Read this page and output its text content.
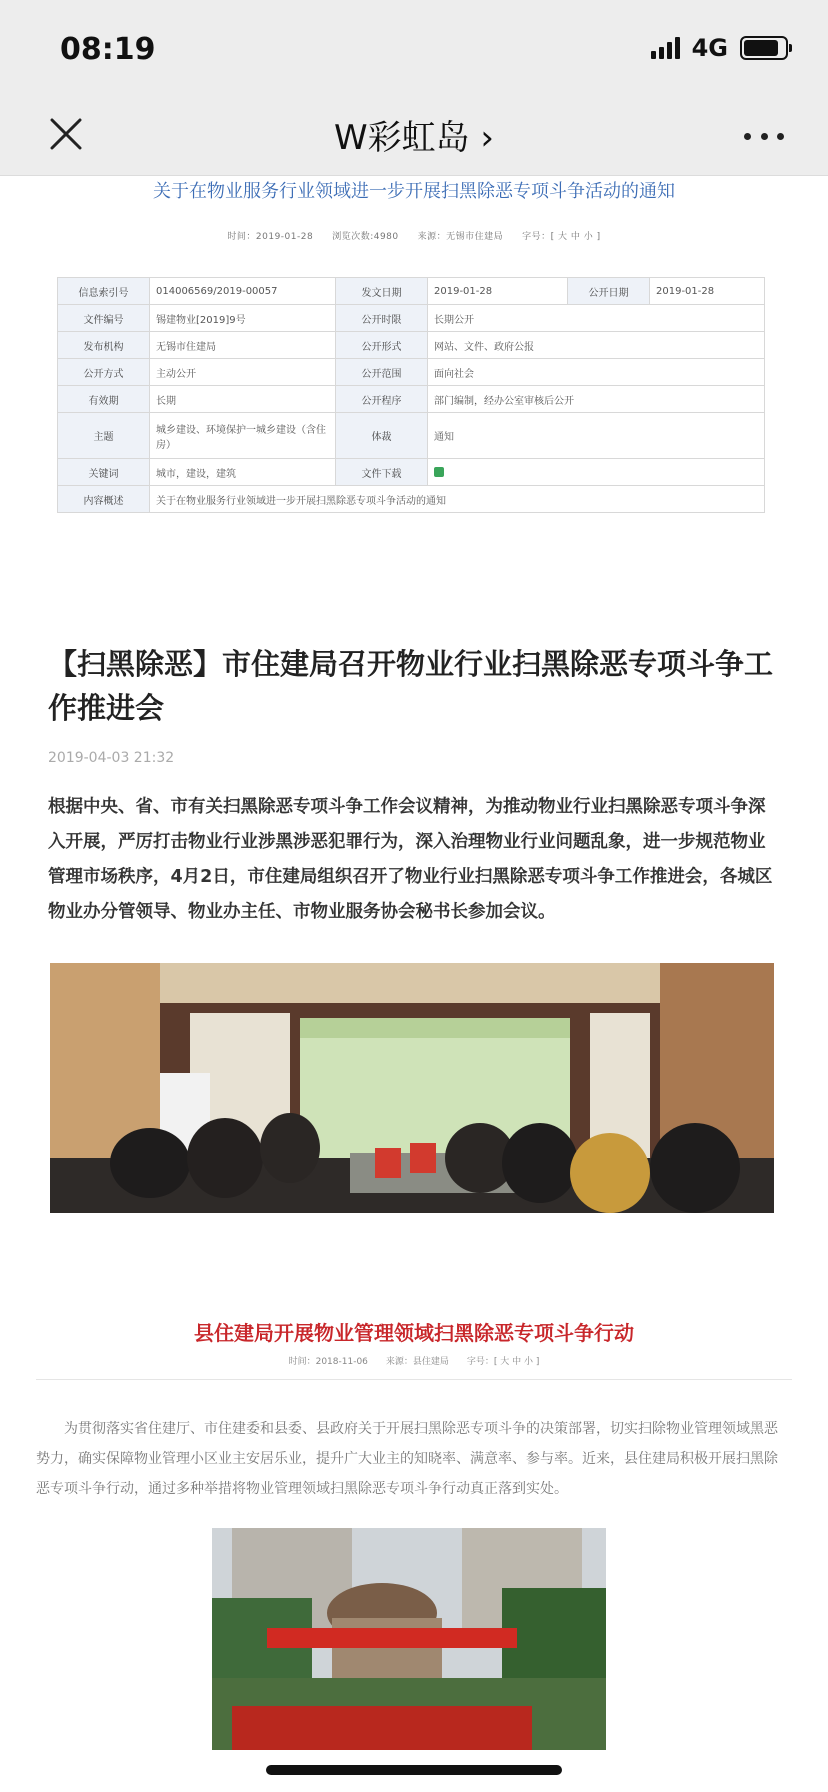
08:19	4G
W彩虹岛 ›
关于在物业服务行业领域进一步开展扫黑除恶专项斗争活动的通知
时间：2019-01-28　　浏览次数:4980　　来源：无锡市住建局　　字号：[ 大 中 小 ]
信息索引号	014006569/2019-00057	发文日期	2019-01-28	公开日期	2019-01-28
文件编号	锡建物业[2019]9号	公开时限	长期公开		
发布机构	无锡市住建局	公开形式	网站、文件、政府公报		
公开方式	主动公开	公开范围	面向社会		
有效期	长期	公开程序	部门编制，经办公室审核后公开		
主题	城乡建设、环境保护一城乡建设（含住房）	体裁	通知		
关键词	城市，建设，建筑	文件下载			
内容概述	关于在物业服务行业领域进一步开展扫黑除恶专项斗争活动的通知				
【扫黑除恶】市住建局召开物业行业扫黑除恶专项斗争工作推进会
2019-04-03 21:32
根据中央、省、市有关扫黑除恶专项斗争工作会议精神，为推动物业行业扫黑除恶专项斗争深入开展，严厉打击物业行业涉黑涉恶犯罪行为，深入治理物业行业问题乱象，进一步规范物业管理市场秩序，4月2日，市住建局组织召开了物业行业扫黑除恶专项斗争工作推进会，各城区物业办分管领导、物业办主任、市物业服务协会秘书长参加会议。
县住建局开展物业管理领域扫黑除恶专项斗争行动
时间：2018-11-06　　来源：县住建局　　字号：[ 大 中 小 ]
为贯彻落实省住建厅、市住建委和县委、县政府关于开展扫黑除恶专项斗争的决策部署，切实扫除物业管理领域黑恶势力，确实保障物业管理小区业主安居乐业，提升广大业主的知晓率、满意率、参与率。近来，县住建局积极开展扫黑除恶专项斗争行动，通过多种举措将物业管理领域扫黑除恶专项斗争行动真正落到实处。
